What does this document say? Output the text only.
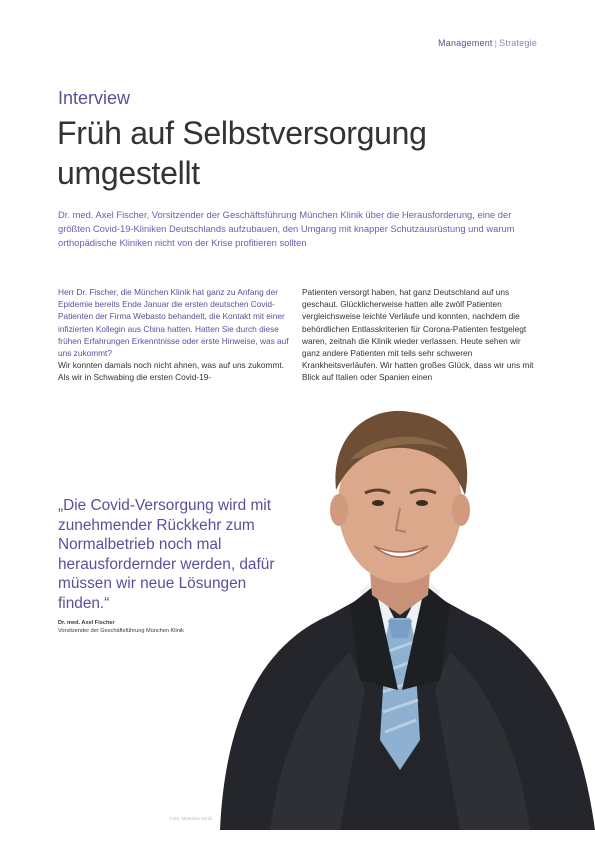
Management | Strategie
Interview
Früh auf Selbstversorgung umgestellt

Dr. med. Axel Fischer, Vorsitzender der Geschäftsführung München Klinik über die Herausforderung, eine der größten Covid-19-Kliniken Deutschlands aufzubauen, den Umgang mit knapper Schutzausrüstung und warum orthopädische Kliniken nicht von der Krise profitieren sollten

Herr Dr. Fischer, die München Klinik hat ganz zu Anfang der Epidemie bereits Ende Januar die ersten deutschen Covid-Patienten der Firma Webasto behandelt, die Kontakt mit einer infizierten Kollegin aus China hatten. Hatten Sie durch diese frühen Erfahrungen Erkenntnisse oder erste Hinweise, was auf uns zukommt?
Wir konnten damals noch nicht ahnen, was auf uns zukommt. Als wir in Schwabing die ersten Covid-19-
Patienten versorgt haben, hat ganz Deutschland auf uns geschaut. Glücklicherweise hatten alle zwölf Patienten vergleichsweise leichte Verläufe und konnten, nachdem die behördlichen Entlasskriterien für Corona-Patienten festgelegt waren, zeitnah die Klinik wieder verlassen. Heute sehen wir ganz andere Patienten mit teils sehr schweren Krankheitsverläufen. Wir hatten großes Glück, dass wir uns mit Blick auf Italien oder Spanien einen
„Die Covid-Versorgung wird mit zunehmender Rückkehr zum Normalbetrieb noch mal herausfordernder werden, dafür müssen wir neue Lösungen finden.“
Dr. med. Axel Fischer
Vorsitzender der Geschäftsführung München Klinik
Foto: München Klinik
